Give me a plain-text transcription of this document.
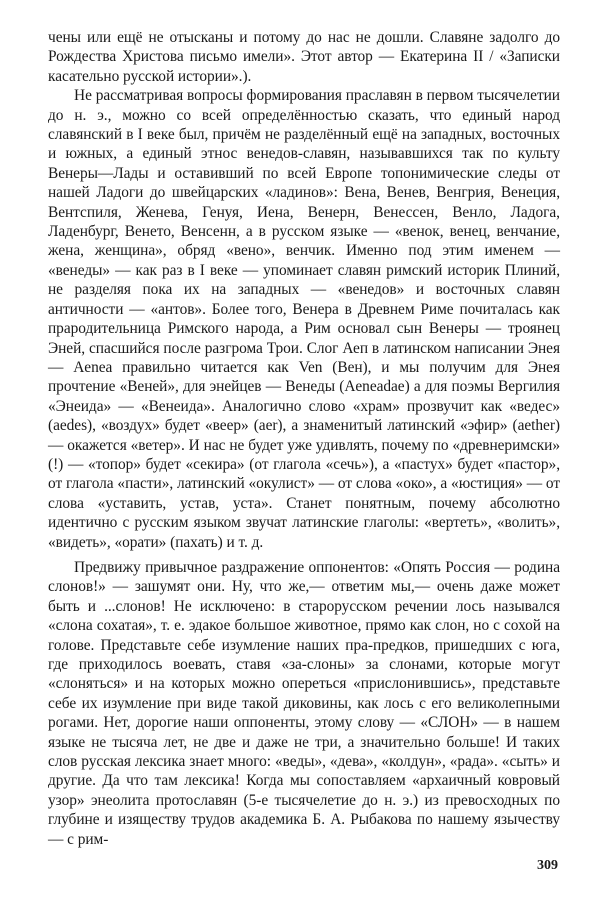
чены или ещё не отысканы и потому до нас не дошли. Славяне задолго до Рождества Христова письмо имели». Этот автор — Екатерина II / «Записки касательно русской истории».).

Не рассматривая вопросы формирования праславян в первом тысячелетии до н. э., можно со всей определённостью сказать, что единый народ славянский в I веке был, причём не разделённый ещё на западных, восточных и южных, а единый этнос венедов-славян, называвшихся так по культу Венеры—Лады и оставивший по всей Европе топонимические следы от нашей Ладоги до швейцарских «ладинов»: Вена, Венев, Венгрия, Венеция, Вентспиля, Женева, Генуя, Иена, Венерн, Венессен, Венло, Ладога, Ладенбург, Венето, Венсенн, а в русском языке — «венок, венец, венчание, жена, женщина», обряд «вено», венчик. Именно под этим именем — «венеды» — как раз в I веке — упоминает славян римский историк Плиний, не разделяя пока их на западных — «венедов» и восточных славян античности — «антов». Более того, Венера в Древнем Риме почиталась как прародительница Римского народа, а Рим основал сын Венеры — троянец Эней, спасшийся после разгрома Трои. Слог Аеп в латинском написании Энея — Aenea правильно читается как Ven (Вен), и мы получим для Энея прочтение «Веней», для энейцев — Венеды (Aeneadae) а для поэмы Вергилия «Энеида» — «Венеида». Аналогично слово «храм» прозвучит как «ведес» (aedes), «воздух» будет «веер» (aer), а знаменитый латинский «эфир» (aether) — окажется «ветер». И нас не будет уже удивлять, почему по «древнеримски» (!) — «топор» будет «секира» (от глагола «сечь»), а «пастух» будет «пастор», от глагола «пасти», латинский «окулист» — от слова «око», а «юстиция» — от слова «уставить, устав, уста». Станет понятным, почему абсолютно идентично с русским языком звучат латинские глаголы: «вертеть», «волить», «видеть», «орати» (пахать) и т. д.

Предвижу привычное раздражение оппонентов: «Опять Россия — родина слонов!» — зашумят они. Ну, что же,— ответим мы,— очень даже может быть и ...слонов! Не исключено: в старорусском речении лось назывался «слона сохатая», т. е. эдакое большое животное, прямо как слон, но с сохой на голове. Представьте себе изумление наших пра-предков, пришедших с юга, где приходилось воевать, ставя «за-слоны» за слонами, которые могут «слоняться» и на которых можно опереться «прислонившись», представьте себе их изумление при виде такой диковины, как лось с его великолепными рогами. Нет, дорогие наши оппоненты, этому слову — «СЛОН» — в нашем языке не тысяча лет, не две и даже не три, а значительно больше! И таких слов русская лексика знает много: «веды», «дева», «колдун», «рада». «сыть» и другие. Да что там лексика! Когда мы сопоставляем «архаичный ковровый узор» энеолита протославян (5-е тысячелетие до н. э.) из превосходных по глубине и изяществу трудов академика Б. А. Рыбакова по нашему язычеству — с рим-

309
